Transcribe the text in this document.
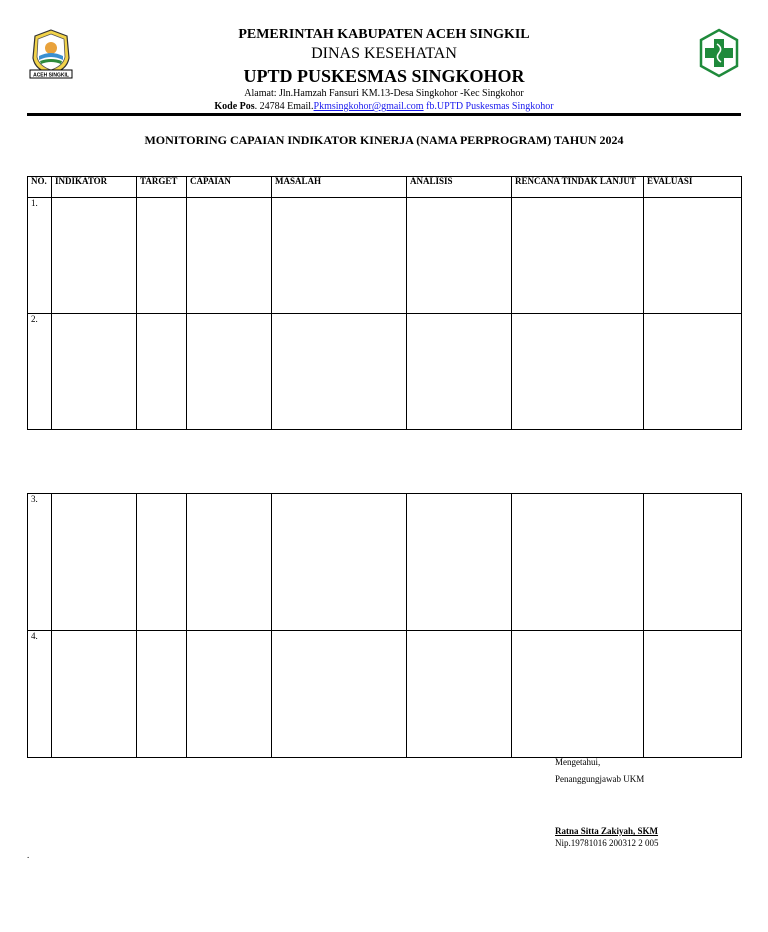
ACEH SINGKIL
PEMERINTAH KABUPATEN ACEH SINGKIL
DINAS KESEHATAN
UPTD PUSKESMAS SINGKOHOR
Alamat: Jln.Hamzah Fansuri KM.13-Desa Singkohor -Kec Singkohor
Kode Pos. 24784 Email.Pkmsingkohor@gmail.com fb.UPTD Puskesmas Singkohor
MONITORING CAPAIAN INDIKATOR KINERJA (NAMA PERPROGRAM) TAHUN 2024
NO.	INDIKATOR	TARGET	CAPAIAN	MASALAH	ANALISIS	RENCANA TINDAK LANJUT	EVALUASI
1.							
2.							
3.							
4.							
Mengetahui,
Penanggungjawab UKM
Ratna Sitta Zakiyah, SKM
Nip.19781016 200312 2 005
.
